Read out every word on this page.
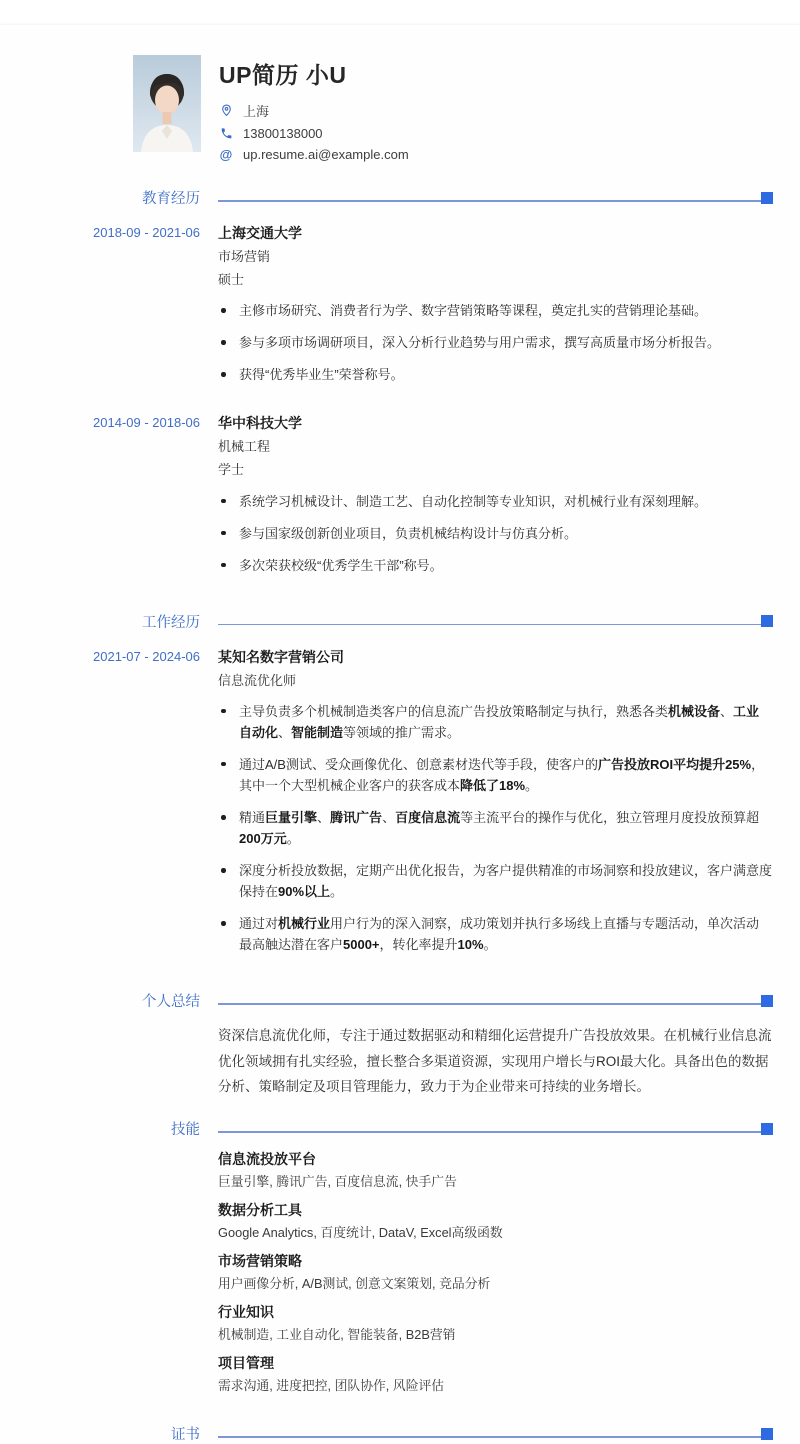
UP简历 小U
上海
13800138000
@ up.resume.ai@example.com
教育经历
2018-09 - 2021-06 上海交通大学
市场营销
硕士
主修市场研究、消费者行为学、数字营销策略等课程，奠定扎实的营销理论基础。
参与多项市场调研项目，深入分析行业趋势与用户需求，撰写高质量市场分析报告。
获得“优秀毕业生”荣誉称号。
2014-09 - 2018-06 华中科技大学
机械工程
学士
系统学习机械设计、制造工艺、自动化控制等专业知识，对机械行业有深刻理解。
参与国家级创新创业项目，负责机械结构设计与仿真分析。
多次荣获校级“优秀学生干部”称号。
工作经历
2021-07 - 2024-06 某知名数字营销公司
信息流优化师
主导负责多个机械制造类客户的信息流广告投放策略制定与执行，熟悉各类机械设备、工业自动化、智能制造等领域的推广需求。
通过A/B测试、受众画像优化、创意素材迭代等手段，使客户的广告投放ROI平均提升25%，其中一个大型机械企业客户的获客成本降低了18%。
精通巨量引擎、腾讯广告、百度信息流等主流平台的操作与优化，独立管理月度投放预算超200万元。
深度分析投放数据，定期产出优化报告，为客户提供精准的市场洞察和投放建议，客户满意度保持在90%以上。
通过对机械行业用户行为的深入洞察，成功策划并执行多场线上直播与专题活动，单次活动最高触达潜在客户5000+，转化率提升10%。
个人总结

资深信息流优化师，专注于通过数据驱动和精细化运营提升广告投放效果。在机械行业信息流优化领域拥有扎实经验，擅长整合多渠道资源，实现用户增长与ROI最大化。具备出色的数据分析、策略制定及项目管理能力，致力于为企业带来可持续的业务增长。

技能
信息流投放平台
巨量引擎, 腾讯广告, 百度信息流, 快手广告
数据分析工具
Google Analytics, 百度统计, DataV, Excel高级函数
市场营销策略
用户画像分析, A/B测试, 创意文案策划, 竞品分析
行业知识
机械制造, 工业自动化, 智能装备, B2B营销
项目管理
需求沟通, 进度把控, 团队协作, 风险评估
证书
